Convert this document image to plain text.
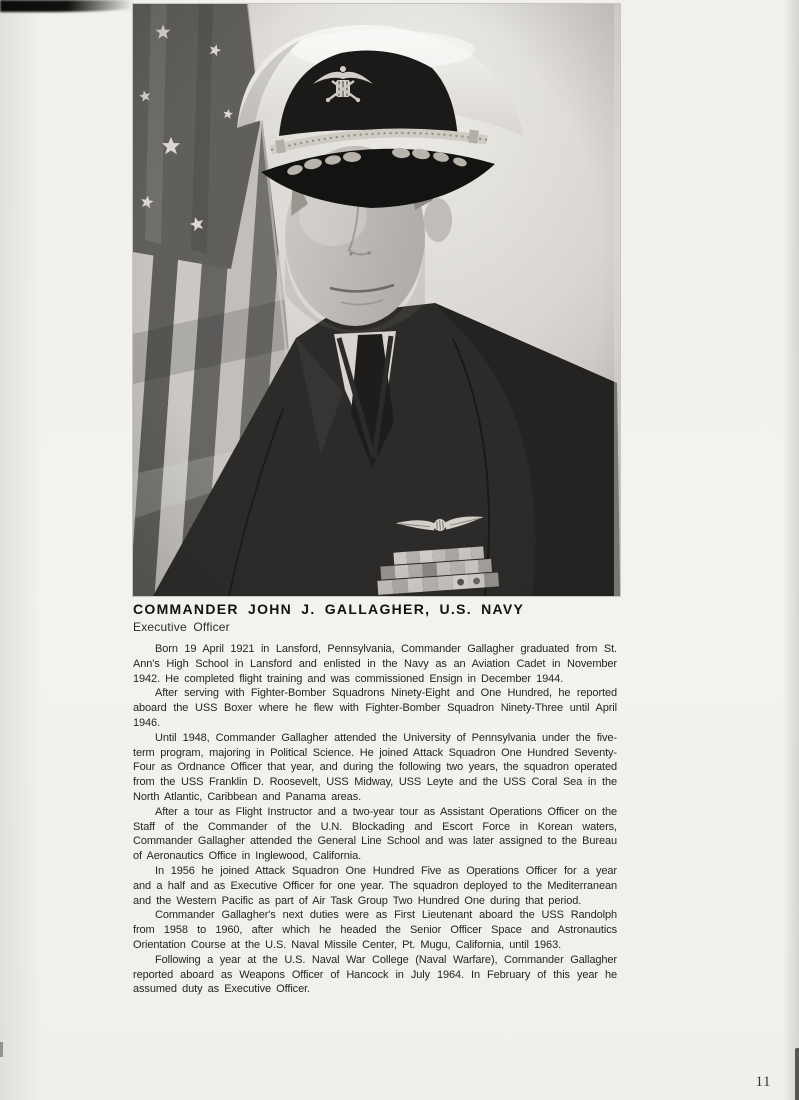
COMMANDER JOHN J. GALLAGHER, U.S. NAVY
Executive Officer

Born 19 April 1921 in Lansford, Pennsylvania, Commander Gallagher graduated from St. Ann's High School in Lansford and enlisted in the Navy as an Aviation Cadet in November 1942. He completed flight training and was commissioned Ensign in December 1944.

After serving with Fighter-Bomber Squadrons Ninety-Eight and One Hundred, he reported aboard the USS Boxer where he flew with Fighter-Bomber Squadron Ninety-Three until April 1946.

Until 1948, Commander Gallagher attended the University of Pennsylvania under the five-term program, majoring in Political Science. He joined Attack Squadron One Hundred Seventy-Four as Ordnance Officer that year, and during the following two years, the squadron operated from the USS Franklin D. Roosevelt, USS Midway, USS Leyte and the USS Coral Sea in the North Atlantic, Caribbean and Panama areas.

After a tour as Flight Instructor and a two-year tour as Assistant Operations Officer on the Staff of the Commander of the U.N. Blockading and Escort Force in Korean waters, Commander Gallagher attended the General Line School and was later assigned to the Bureau of Aeronautics Office in Inglewood, California.

In 1956 he joined Attack Squadron One Hundred Five as Operations Officer for a year and a half and as Executive Officer for one year. The squadron deployed to the Mediterranean and the Western Pacific as part of Air Task Group Two Hundred One during that period.

Commander Gallagher's next duties were as First Lieutenant aboard the USS Randolph from 1958 to 1960, after which he headed the Senior Officer Space and Astronautics Orientation Course at the U.S. Naval Missile Center, Pt. Mugu, California, until 1963.

Following a year at the U.S. Naval War College (Naval Warfare), Commander Gallagher reported aboard as Weapons Officer of Hancock in July 1964. In February of this year he assumed duty as Executive Officer.

11
